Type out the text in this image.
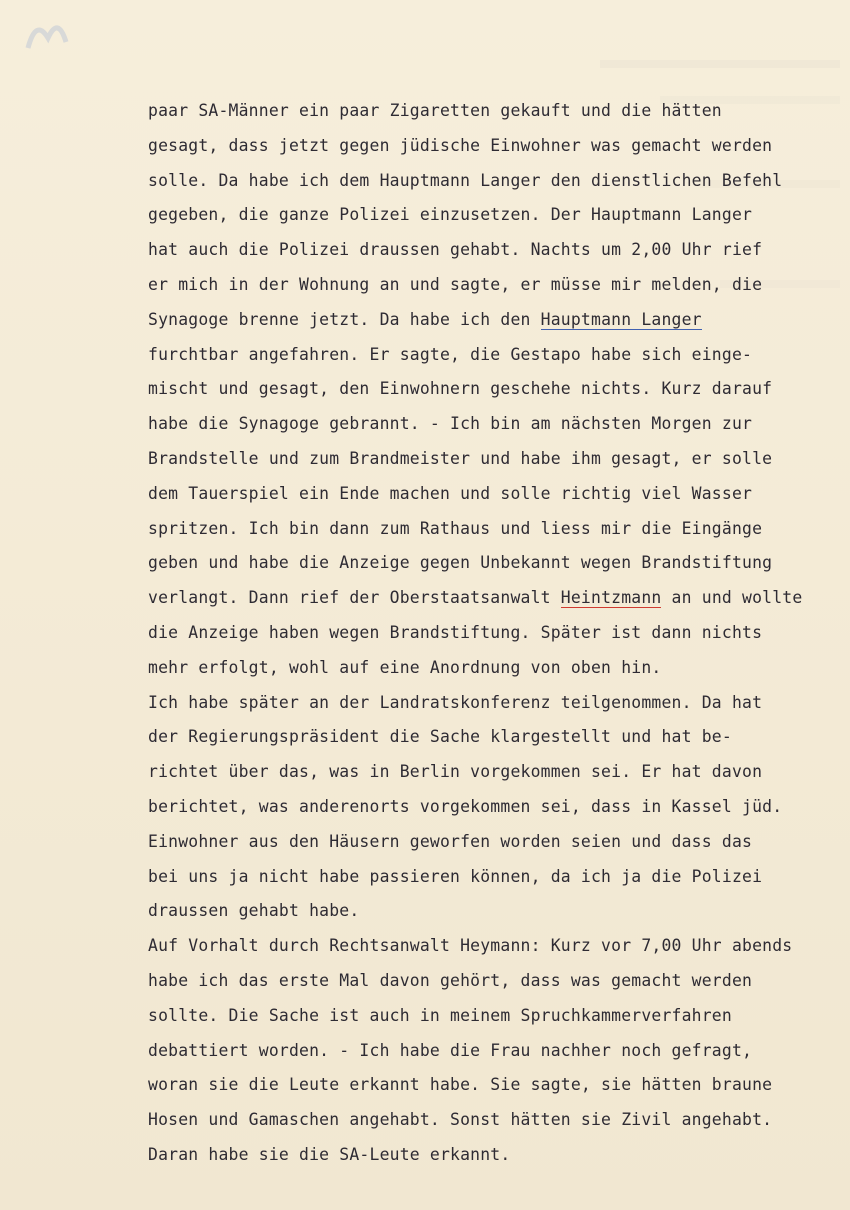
paar SA-Männer ein paar Zigaretten gekauft und die hätten
gesagt, dass jetzt gegen jüdische Einwohner was gemacht werden
solle. Da habe ich dem Hauptmann Langer den dienstlichen Befehl
gegeben, die ganze Polizei einzusetzen. Der Hauptmann Langer
hat auch die Polizei draussen gehabt. Nachts um 2,00 Uhr rief
er mich in der Wohnung an und sagte, er müsse mir melden, die
Synagoge brenne jetzt. Da habe ich den Hauptmann Langer
furchtbar angefahren. Er sagte, die Gestapo habe sich einge-
mischt und gesagt, den Einwohnern geschehe nichts. Kurz darauf
habe die Synagoge gebrannt. - Ich bin am nächsten Morgen zur
Brandstelle und zum Brandmeister und habe ihm gesagt, er solle
dem Tauerspiel ein Ende machen und solle richtig viel Wasser
spritzen. Ich bin dann zum Rathaus und liess mir die Eingänge
geben und habe die Anzeige gegen Unbekannt wegen Brandstiftung
verlangt. Dann rief der Oberstaatsanwalt Heintzmann an und wollte
die Anzeige haben wegen Brandstiftung. Später ist dann nichts
mehr erfolgt, wohl auf eine Anordnung von oben hin.
Ich habe später an der Landratskonferenz teilgenommen. Da hat
der Regierungspräsident die Sache klargestellt und hat be-
richtet über das, was in Berlin vorgekommen sei. Er hat davon
berichtet, was anderenorts vorgekommen sei, dass in Kassel jüd.
Einwohner aus den Häusern geworfen worden seien und dass das
bei uns ja nicht habe passieren können, da ich ja die Polizei
draussen gehabt habe.
Auf Vorhalt durch Rechtsanwalt Heymann: Kurz vor 7,00 Uhr abends
habe ich das erste Mal davon gehört, dass was gemacht werden
sollte. Die Sache ist auch in meinem Spruchkammerverfahren
debattiert worden. - Ich habe die Frau nachher noch gefragt,
woran sie die Leute erkannt habe. Sie sagte, sie hätten braune
Hosen und Gamaschen angehabt. Sonst hätten sie Zivil angehabt.
Daran habe sie die SA-Leute erkannt.
